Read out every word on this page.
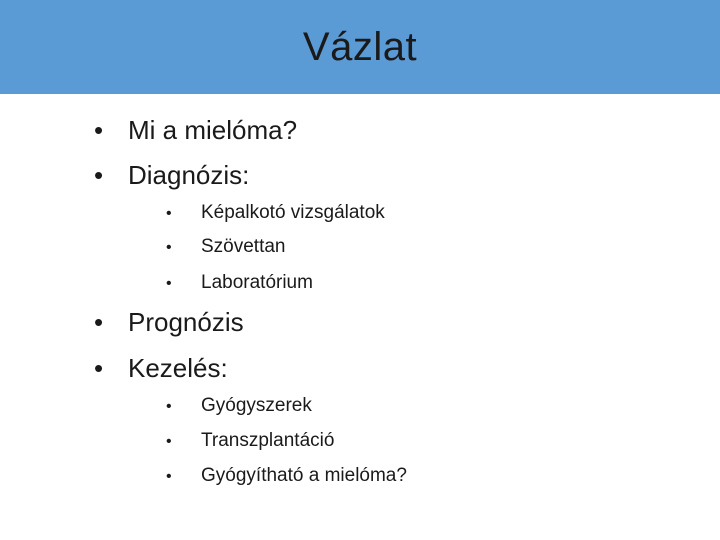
Vázlat
• Mi a mielóma?
• Diagnózis:
• Képalkotó vizsgálatok
• Szövettan
• Laboratórium
• Prognózis
• Kezelés:
• Gyógyszerek
• Transzplantáció
• Gyógyítható a mielóma?
